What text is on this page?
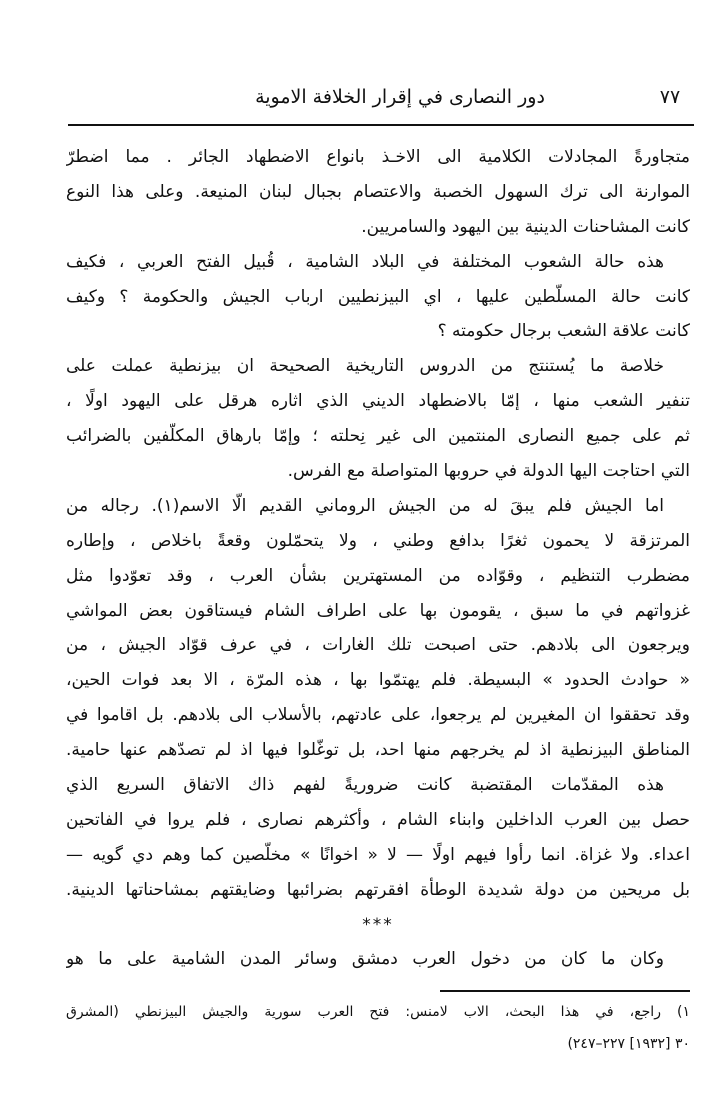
دور النصارى في إقرار الخلافة الاموية	٧٧
متجاورةً المجادلات الكلامية الى الاخـذ بانواع الاضطهاد الجائر . مما اضطرّ
الموارنة الى ترك السهول الخصبة والاعتصام بجبال لبنان المنيعة. وعلى هذا النوع
كانت المشاحنات الدينية بين اليهود والسامريين.
هذه حالة الشعوب المختلفة في البلاد الشامية ، قُبيل الفتح العربي ، فكيف
كانت حالة المسلّطين عليها ، اي البيزنطيين ارباب الجيش والحكومة ؟ وكيف
كانت علاقة الشعب برجال حكومته ؟
خلاصة ما يُستنتج من الدروس التاريخية الصحيحة ان بيزنطية عملت على
تنفير الشعب منها ، إمّا بالاضطهاد الديني الذي اثاره هرقل على اليهود اولًا ،
ثم على جميع النصارى المنتمين الى غير نِحلته ؛ وإمّا بارهاق المكلّفين بالضرائب
التي احتاجت اليها الدولة في حروبها المتواصلة مع الفرس.
اما الجيش فلم يبقَ له من الجيش الروماني القديم الّا الاسم(١). رجاله من
المرتزقة لا يحمون ثغرًا بدافع وطني ، ولا يتحمّلون وقعةً باخلاص ، وإطاره
مضطرب التنظيم ، وقوّاده من المستهترين بشأن العرب ، وقد تعوّدوا مثل
غزواتهم في ما سبق ، يقومون بها على اطراف الشام فيستاقون بعض المواشي
ويرجعون الى بلادهم. حتى اصبحت تلك الغارات ، في عرف قوّاد الجيش ، من
« حوادث الحدود » البسيطة. فلم يهتمّوا بها ، هذه المرّة ، الا بعد فوات الحين،
وقد تحققوا ان المغيرين لم يرجعوا، على عادتهم، بالأسلاب الى بلادهم. بل اقاموا في
المناطق البيزنطية اذ لم يخرجهم منها احد، بل توغّلوا فيها اذ لم تصدّهم عنها حامية.
هذه المقدّمات المقتضبة كانت ضروريةً لفهم ذاك الاتفاق السريع الذي
حصل بين العرب الداخلين وابناء الشام ، وأكثرهم نصارى ، فلم يروا في الفاتحين
اعداء. ولا غزاة. انما رأوا فيهم اولًا — لا « اخوانًا » مخلّصين كما وهم دي گويه —
بل مريحين من دولة شديدة الوطأة افقرتهم بضرائبها وضايقتهم بمشاحناتها الدينية.
***
وكان ما كان من دخول العرب دمشق وسائر المدن الشامية على ما هو
١) راجع، في هذا البحث، الاب لامنس: فتح العرب سورية والجيش البيزنطي (المشرق
٣٠ [١٩٣٢] ٢٢٧–٢٤٧)
